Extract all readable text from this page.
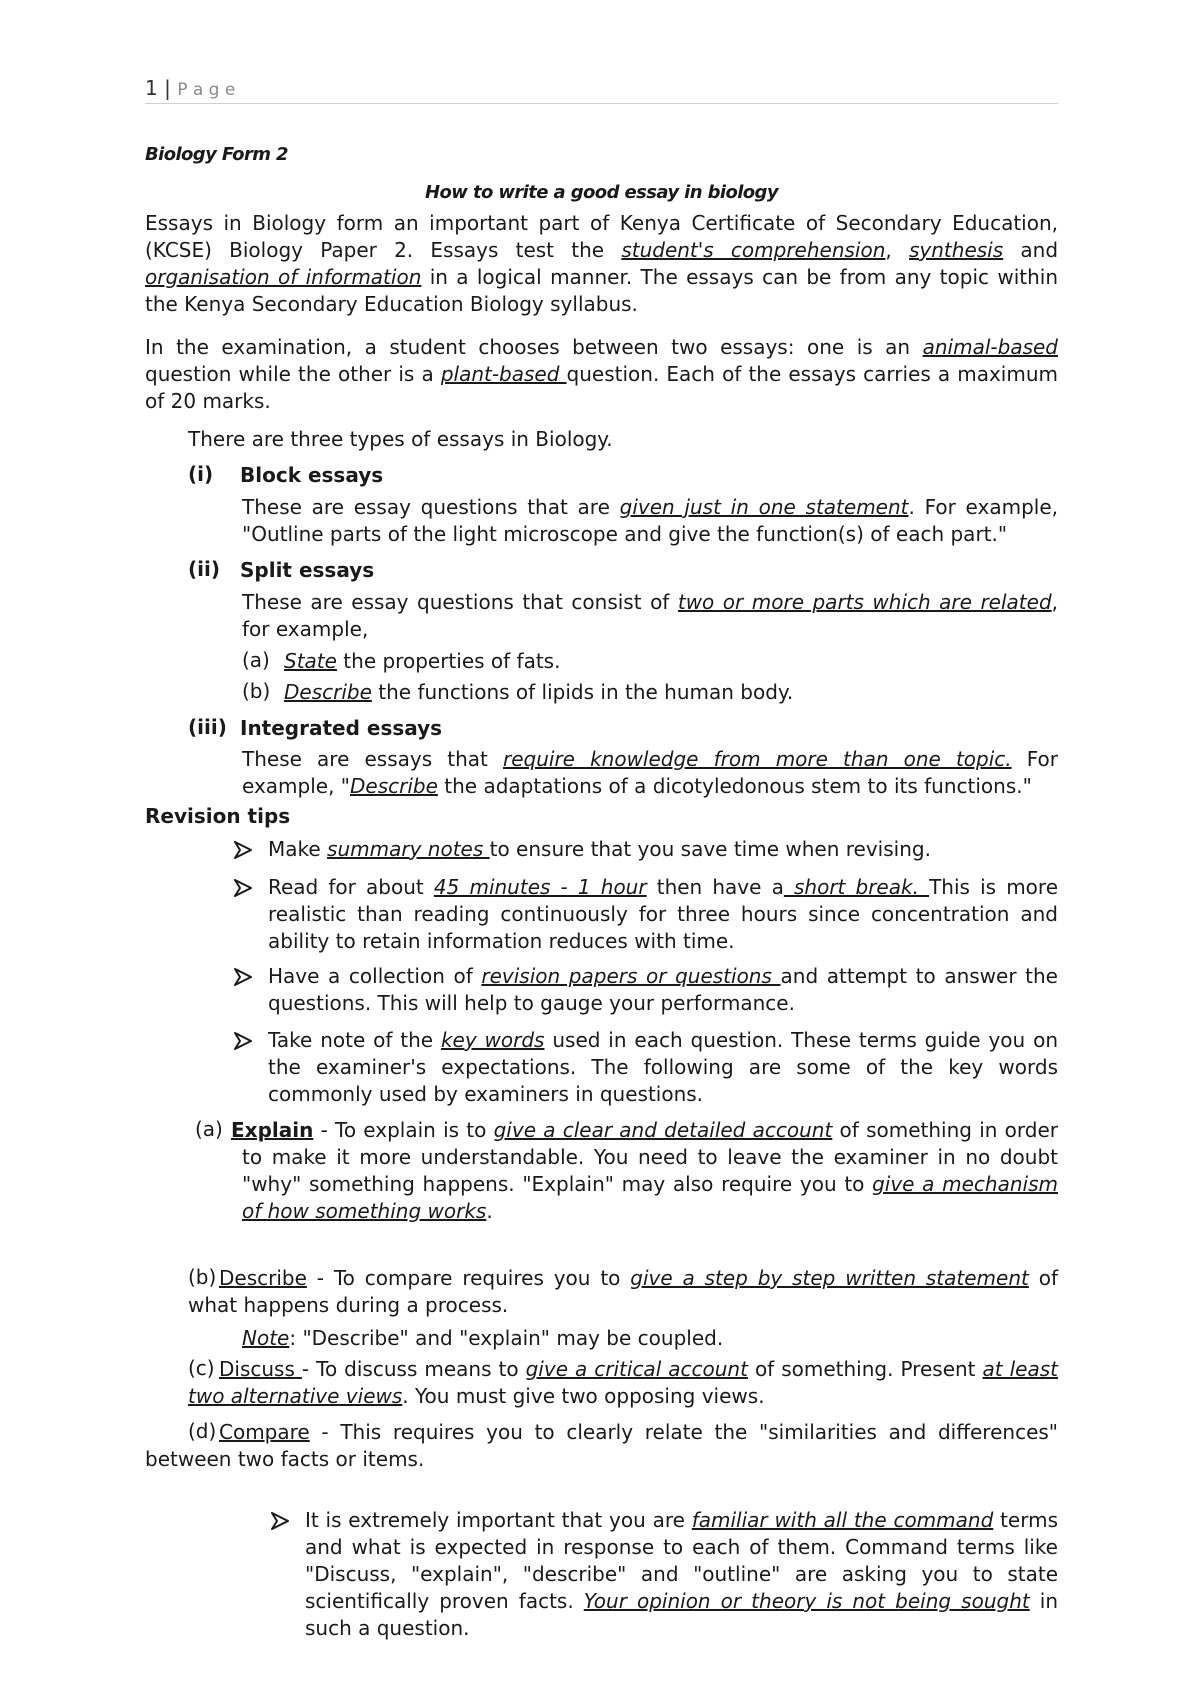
1 | P a g e
Biology Form 2
How to write a good essay in biology

Essays in Biology form an important part of Kenya Certificate of Secondary Education, (KCSE) Biology Paper 2. Essays test the student's comprehension, synthesis and organisation of information in a logical manner. The essays can be from any topic within the Kenya Secondary Education Biology syllabus.

In the examination, a student chooses between two essays: one is an animal-based question while the other is a plant-based question. Each of the essays carries a maximum of 20 marks.

There are three types of essays in Biology.
(i) Block essays

These are essay questions that are given just in one statement. For example, "Outline parts of the light microscope and give the function(s) of each part."

(ii) Split essays

These are essay questions that consist of two or more parts which are related, for example,

(a) State the properties of fats.
(b) Describe the functions of lipids in the human body.
(iii) Integrated essays

These are essays that require knowledge from more than one topic. For example, "Describe the adaptations of a dicotyledonous stem to its functions."

Revision tips

Make summary notes to ensure that you save time when revising.

Read for about 45 minutes - 1 hour then have a short break. This is more realistic than reading continuously for three hours since concentration and ability to retain information reduces with time.

Have a collection of revision papers or questions and attempt to answer the questions. This will help to gauge your performance.

Take note of the key words used in each question. These terms guide you on the examiner's expectations. The following are some of the key words commonly used by examiners in questions.

(a) Explain - To explain is to give a clear and detailed account of something in order to make it more understandable. You need to leave the examiner in no doubt "why" something happens. "Explain" may also require you to give a mechanism of how something works.

(b) Describe - To compare requires you to give a step by step written statement of what happens during a process.

Note: "Describe" and "explain" may be coupled.
(c) Discuss - To discuss means to give a critical account of something. Present at least two alternative views. You must give two opposing views.

(d) Compare - This requires you to clearly relate the "similarities and differences" between two facts or items.

It is extremely important that you are familiar with all the command terms and what is expected in response to each of them. Command terms like "Discuss, "explain", "describe" and "outline" are asking you to state scientifically proven facts. Your opinion or theory is not being sought in such a question.
